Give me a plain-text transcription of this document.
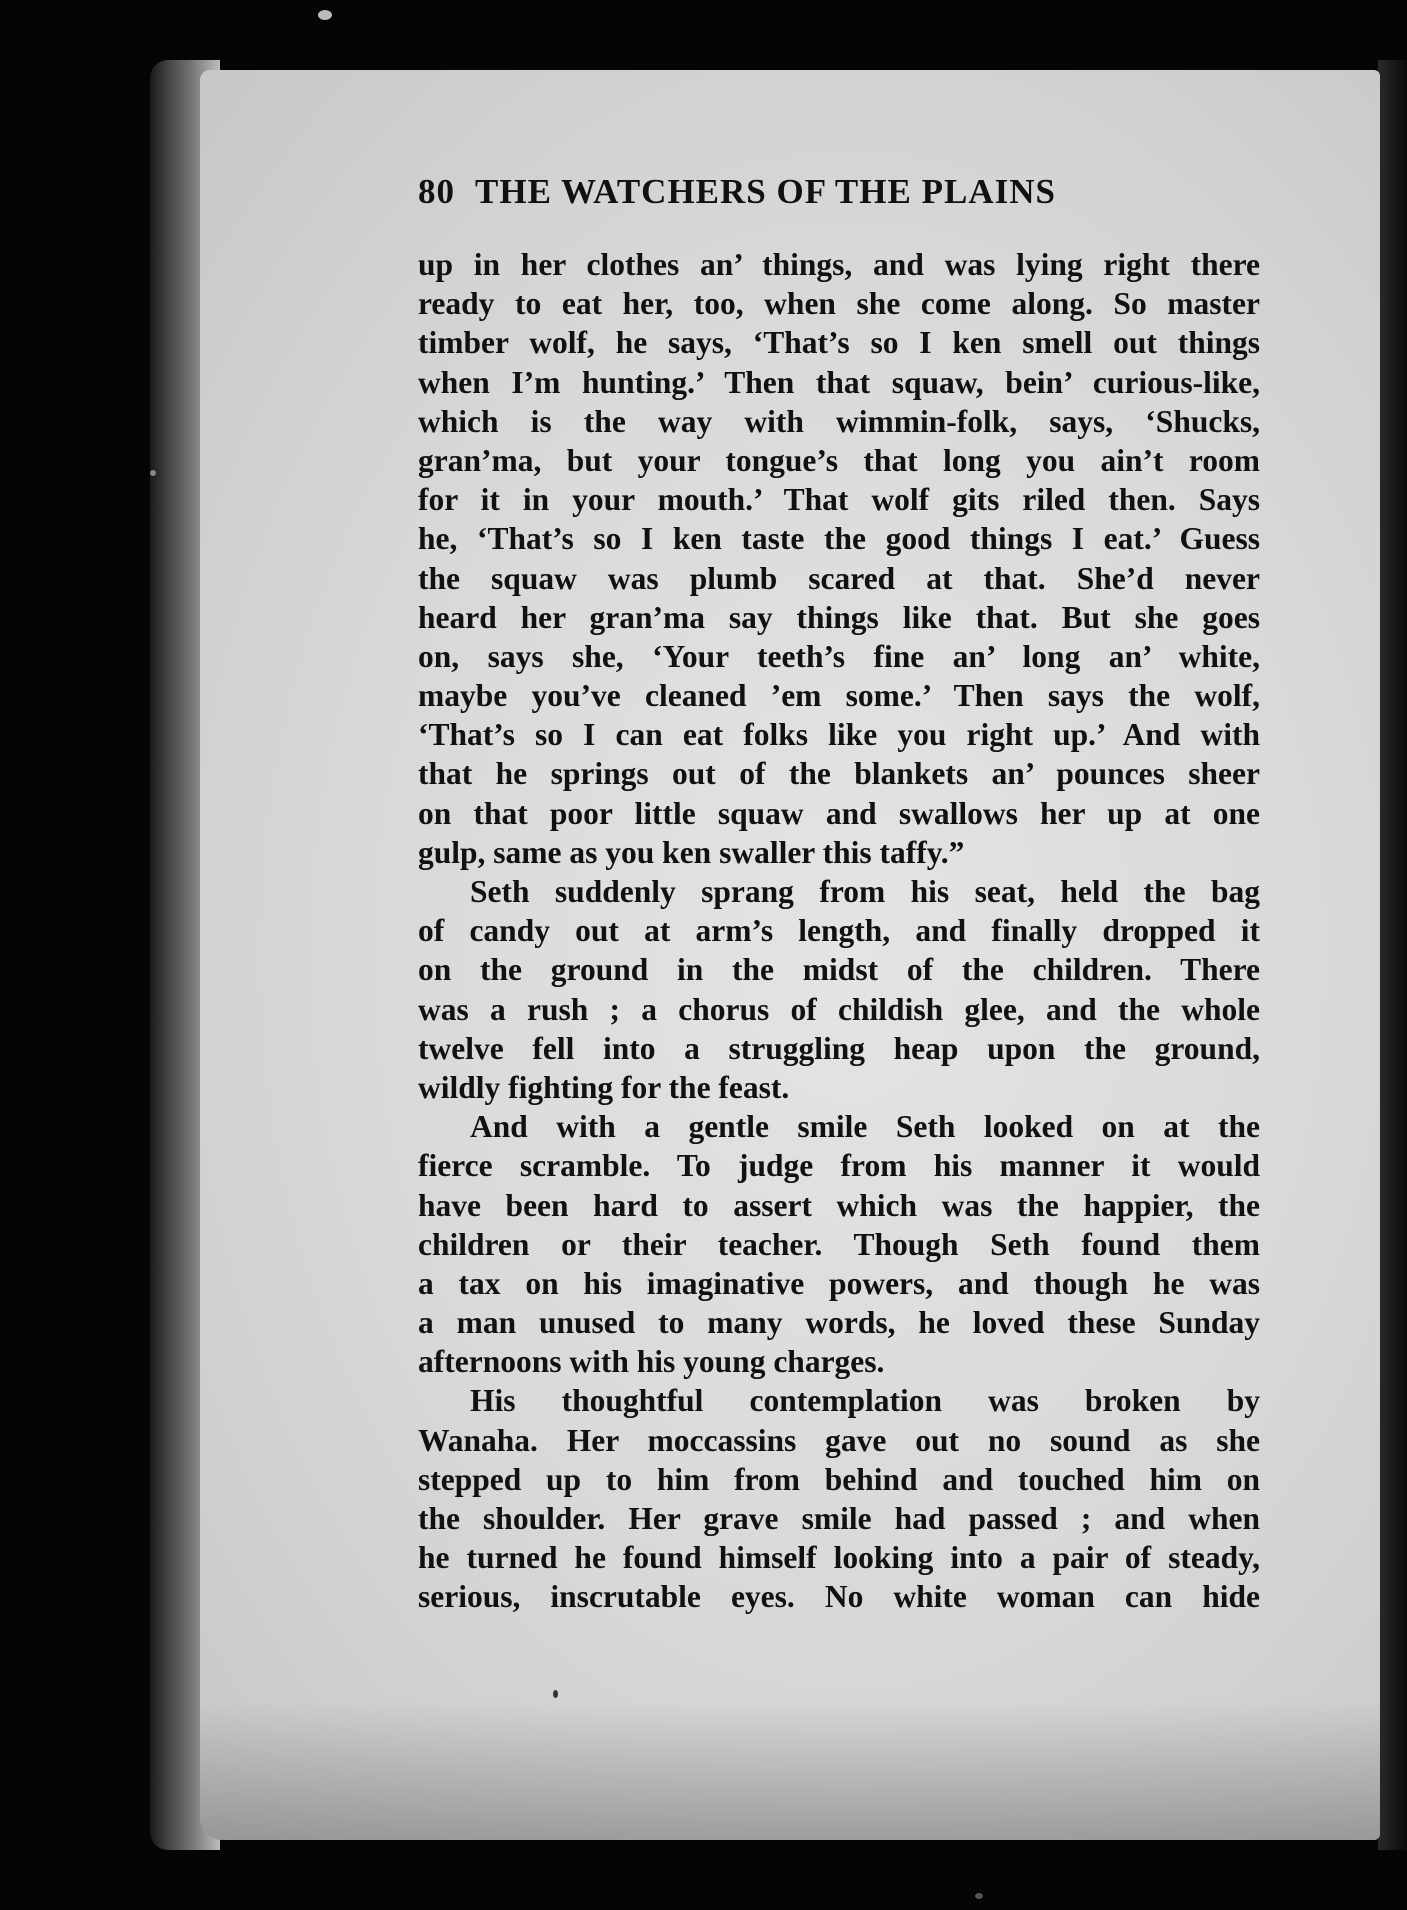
80 THE WATCHERS OF THE PLAINS
up in her clothes an’ things, and was lying right there
ready to eat her, too, when she come along. So master
timber wolf, he says, ‘That’s so I ken smell out things
when I’m hunting.’ Then that squaw, bein’ curious-like,
which is the way with wimmin-folk, says, ‘Shucks,
gran’ma, but your tongue’s that long you ain’t room
for it in your mouth.’ That wolf gits riled then. Says
he, ‘That’s so I ken taste the good things I eat.’ Guess
the squaw was plumb scared at that. She’d never
heard her gran’ma say things like that. But she goes
on, says she, ‘Your teeth’s fine an’ long an’ white,
maybe you’ve cleaned ’em some.’ Then says the wolf,
‘That’s so I can eat folks like you right up.’ And with
that he springs out of the blankets an’ pounces sheer
on that poor little squaw and swallows her up at one
gulp, same as you ken swaller this taffy.”
Seth suddenly sprang from his seat, held the bag
of candy out at arm’s length, and finally dropped it
on the ground in the midst of the children. There
was a rush ; a chorus of childish glee, and the whole
twelve fell into a struggling heap upon the ground,
wildly fighting for the feast.
And with a gentle smile Seth looked on at the
fierce scramble. To judge from his manner it would
have been hard to assert which was the happier, the
children or their teacher. Though Seth found them
a tax on his imaginative powers, and though he was
a man unused to many words, he loved these Sunday
afternoons with his young charges.
His thoughtful contemplation was broken by
Wanaha. Her moccassins gave out no sound as she
stepped up to him from behind and touched him on
the shoulder. Her grave smile had passed ; and when
he turned he found himself looking into a pair of steady,
serious, inscrutable eyes. No white woman can hide
